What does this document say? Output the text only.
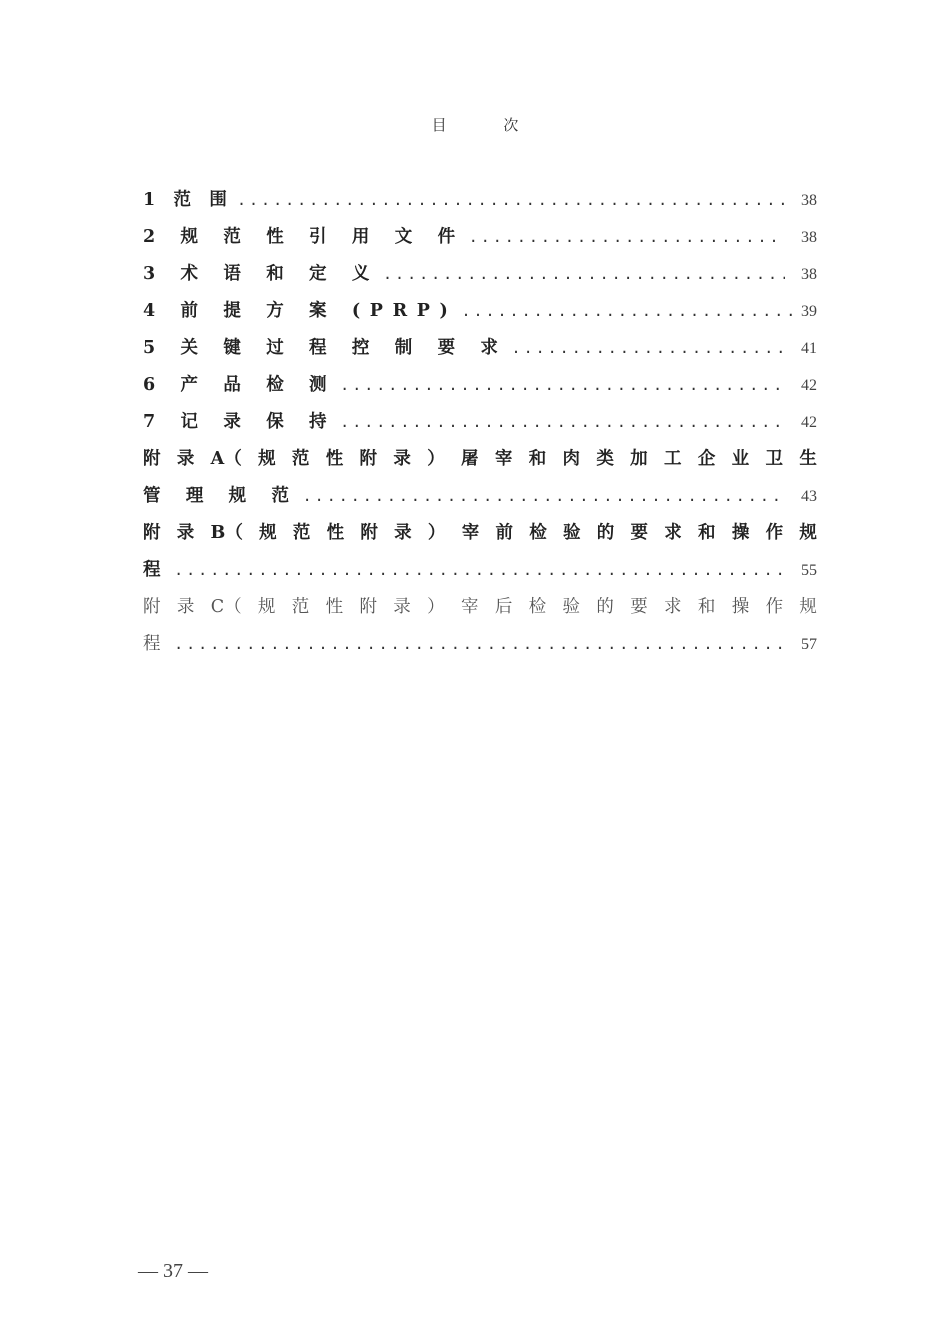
目 次
1 范 围 .....	38
2 规 范 性 引 用 文 件 .....	38
3 术 语 和 定 义 .....	38
4 前 提 方 案 (PRP) .....	39
5 关 键 过 程 控 制 要 求 .....	41
6 产 品 检 测 .....	42
7 记 录 保 持 .....	42
附 录 A（ 规 范 性 附 录 ） 屠 宰 和 肉 类 加 工 企 业 卫 生
管 理 规 范 .....	43
附 录 B（ 规 范 性 附 录 ） 宰 前 检 验 的 要 求 和 操 作 规
程 .....	55
附 录 C（ 规 范 性 附 录 ） 宰 后 检 验 的 要 求 和 操 作 规
程 .....	57
— 37 —
